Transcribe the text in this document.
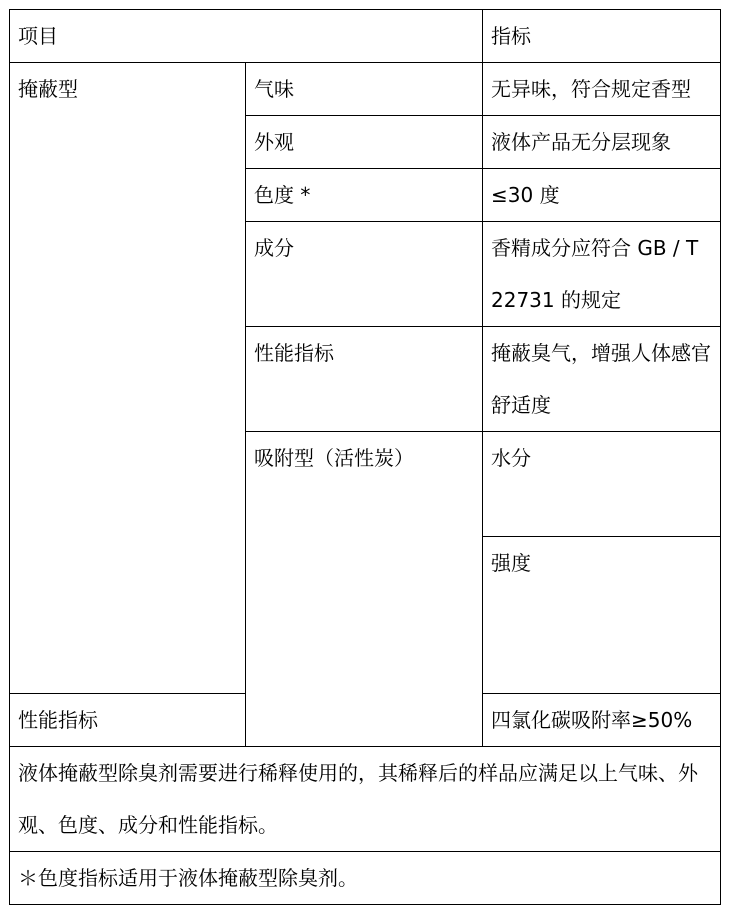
项目		指标	
掩蔽型	气味	无异味，符合规定香型	
	外观	液体产品无分层现象	
	色度 *	≤30 度	
	成分	香精成分应符合 GB / T 22731 的规定	
	性能指标	掩蔽臭气，增强人体感官舒适度	
	吸附型（活性炭）	水分	
		强度	
性能指标		四氯化碳吸附率≥50%	
液体掩蔽型除臭剂需要进行稀释使用的，其稀释后的样品应满足以上气味、外观、色度、成分和性能指标。			
＊色度指标适用于液体掩蔽型除臭剂。			
